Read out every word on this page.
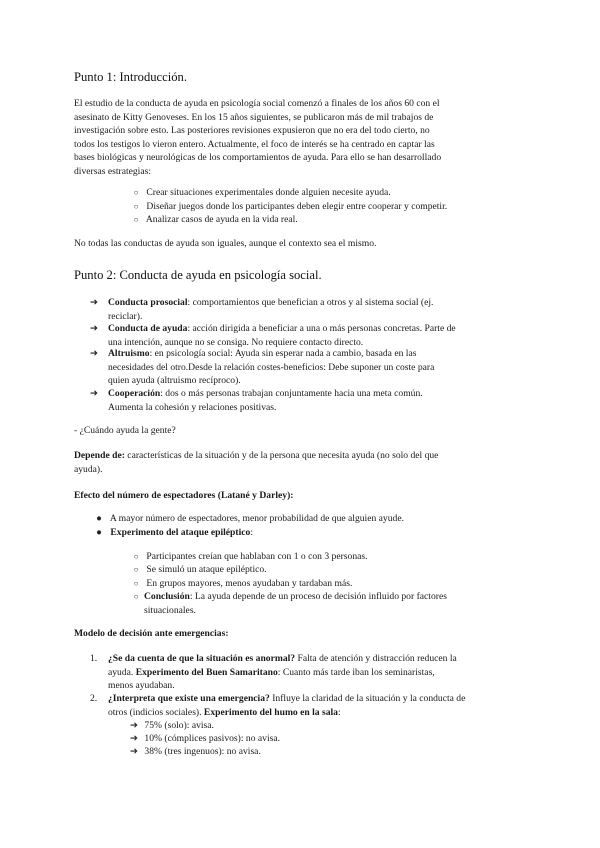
Punto 1: Introducción.
El estudio de la conducta de ayuda en psicología social comenzó a finales de los años 60 con el
asesinato de Kitty Genoveses. En los 15 años siguientes, se publicaron más de mil trabajos de
investigación sobre esto. Las posteriores revisiones expusieron que no era del todo cierto, no
todos los testigos lo vieron entero. Actualmente, el foco de interés se ha centrado en captar las
bases biológicas y neurológicas de los comportamientos de ayuda. Para ello se han desarrollado
diversas estrategias:
○ Crear situaciones experimentales donde alguien necesite ayuda.
○ Diseñar juegos donde los participantes deben elegir entre cooperar y competir.
○ Analizar casos de ayuda en la vida real.
No todas las conductas de ayuda son iguales, aunque el contexto sea el mismo.
Punto 2: Conducta de ayuda en psicología social.
➔ Conducta prosocial: comportamientos que benefician a otros y al sistema social (ej.
reciclar).
➔ Conducta de ayuda: acción dirigida a beneficiar a una o más personas concretas. Parte de
una intención, aunque no se consiga. No requiere contacto directo.
➔ Altruismo: en psicología social: Ayuda sin esperar nada a cambio, basada en las
necesidades del otro.Desde la relación costes-beneficios: Debe suponer un coste para
quien ayuda (altruismo recíproco).
➔ Cooperación: dos o más personas trabajan conjuntamente hacia una meta común.
Aumenta la cohesión y relaciones positivas.
- ¿Cuándo ayuda la gente?
Depende de: características de la situación y de la persona que necesita ayuda (no solo del que
ayuda).
Efecto del número de espectadores (Latané y Darley):
● A mayor número de espectadores, menor probabilidad de que alguien ayude.
● Experimento del ataque epiléptico:
○ Participantes creían que hablaban con 1 o con 3 personas.
○ Se simuló un ataque epiléptico.
○ En grupos mayores, menos ayudaban y tardaban más.
○ Conclusión: La ayuda depende de un proceso de decisión influido por factores
situacionales.
Modelo de decisión ante emergencias:
1. ¿Se da cuenta de que la situación es anormal? Falta de atención y distracción reducen la
ayuda. Experimento del Buen Samaritano: Cuanto más tarde iban los seminaristas,
menos ayudaban.
2. ¿Interpreta que existe una emergencia? Influye la claridad de la situación y la conducta de
otros (indicios sociales). Experimento del humo en la sala:
➔ 75% (solo): avisa.
➔ 10% (cómplices pasivos): no avisa.
➔ 38% (tres ingenuos): no avisa.
